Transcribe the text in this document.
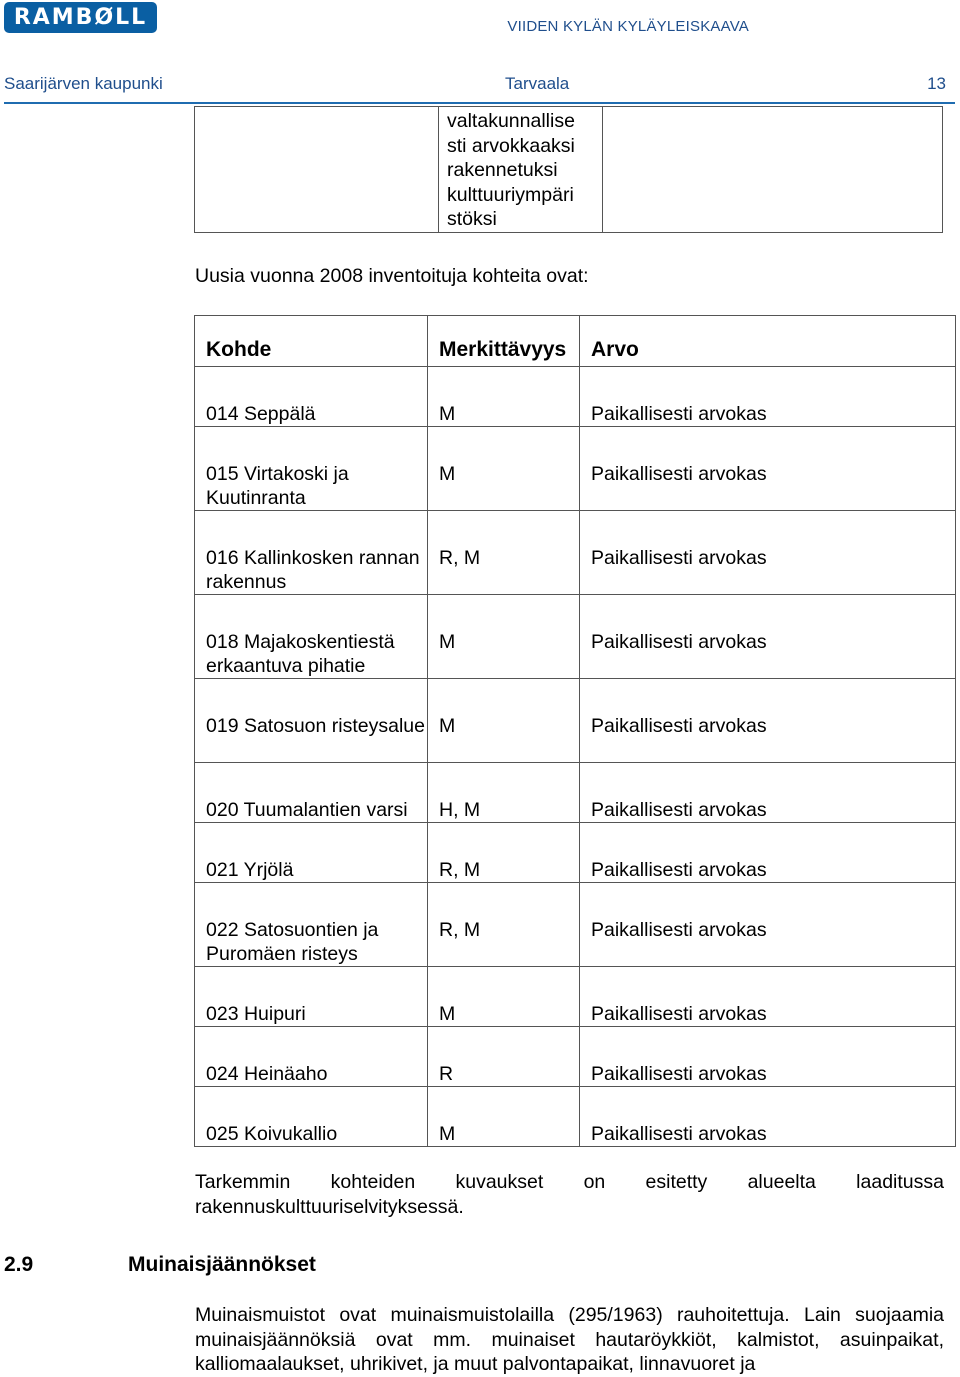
RAMBØLL	VIIDEN KYLÄN KYLÄYLEISKAAVA
Saarijärven kaupunki	Tarvaala	13
	valtakunnallise sti arvokkaaksi rakennetuksi kulttuuriympäri stöksi	
Uusia vuonna 2008 inventoituja kohteita ovat:
Kohde	Merkittävyys	Arvo
014 Seppälä	M	Paikallisesti arvokas
015 Virtakoski ja Kuutinranta	M	Paikallisesti arvokas
016 Kallinkosken rannan rakennus	R, M	Paikallisesti arvokas
018 Majakoskentiestä erkaantuva pihatie	M	Paikallisesti arvokas
019 Satosuon risteysalue	M	Paikallisesti arvokas
020 Tuumalantien varsi	H, M	Paikallisesti arvokas
021 Yrjölä	R, M	Paikallisesti arvokas
022 Satosuontien ja Puromäen risteys	R, M	Paikallisesti arvokas
023 Huipuri	M	Paikallisesti arvokas
024 Heinäaho	R	Paikallisesti arvokas
025 Koivukallio	M	Paikallisesti arvokas
Tarkemmin kohteiden kuvaukset on esitetty alueelta laaditussa rakennuskulttuuriselvityksessä.
2.9	Muinaisjäännökset
Muinaismuistot ovat muinaismuistolailla (295/1963) rauhoitettuja. Lain suojaamia muinaisjäännöksiä ovat mm. muinaiset hautaröykkiöt, kalmistot, asuinpaikat, kalliomaalaukset, uhrikivet, ja muut palvontapaikat, linnavuoret ja
